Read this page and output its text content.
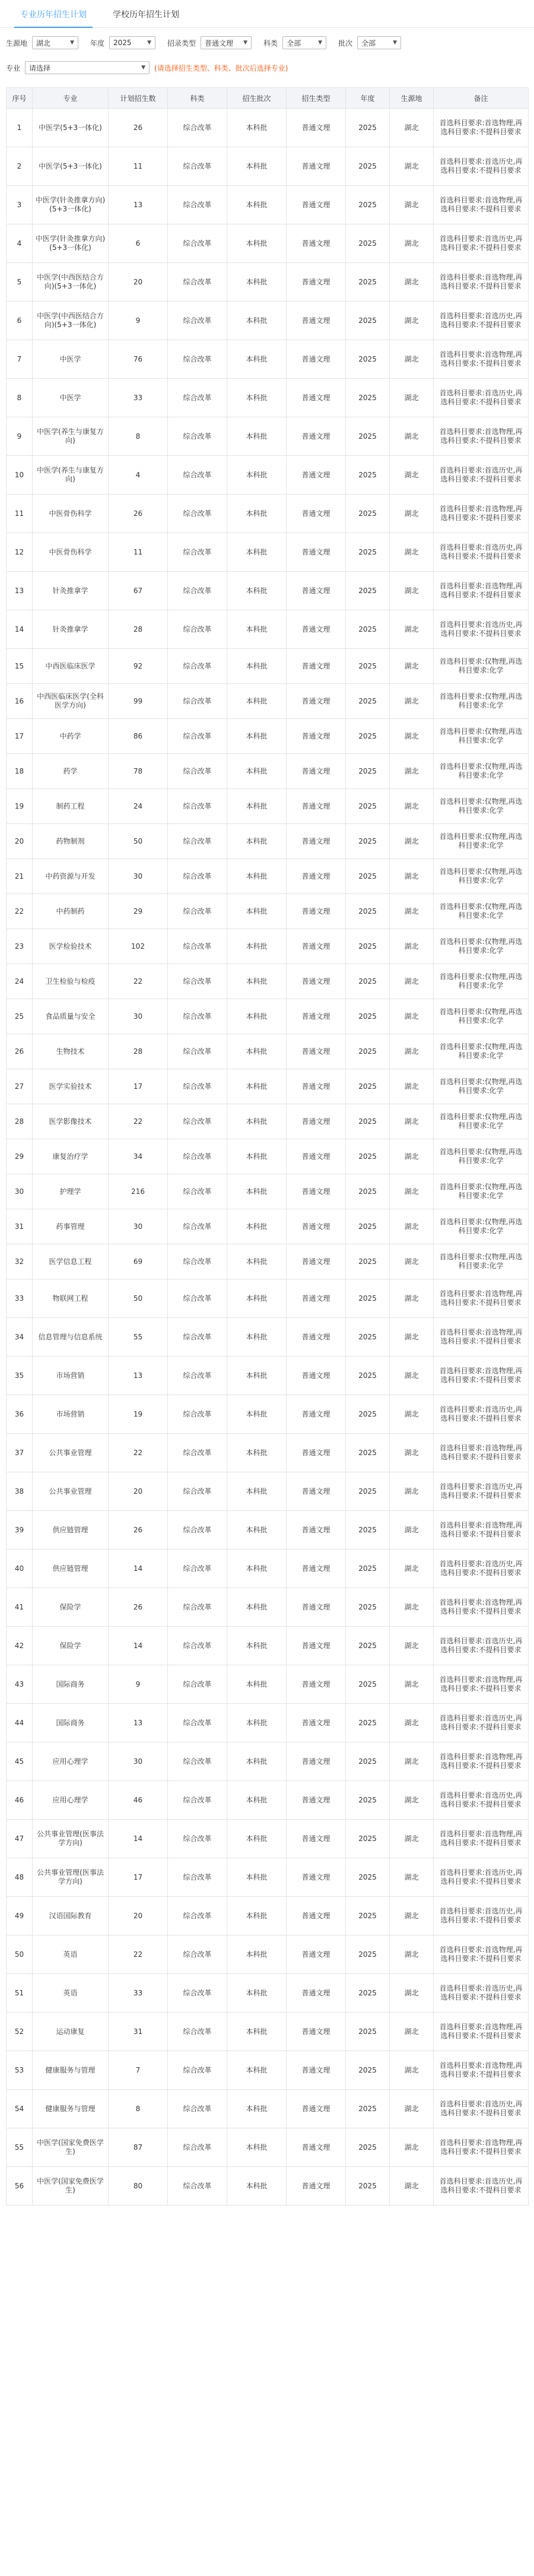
专业历年招生计划	学校历年招生计划
生源地 湖北	▼ 年度 2025	▼ 招录类型 普通文理 ▼ 科类 全部	▼ 批次 全部	▼
专业 请选择	▼ (请选择招生类型、科类、批次后选择专业)
序号	专业	计划招生数	科类	招生批次	招生类型	年度	生源地	备注
1	中医学(5+3一体化)	26	综合改革	本科批	普通文理	2025	湖北	首选科目要求:首选物理,再选科目要求:不提科目要求
2	中医学(5+3一体化)	11	综合改革	本科批	普通文理	2025	湖北	首选科目要求:首选历史,再选科目要求:不提科目要求
3	中医学(针灸推拿方向)(5+3一体化)	13	综合改革	本科批	普通文理	2025	湖北	首选科目要求:首选物理,再选科目要求:不提科目要求
4	中医学(针灸推拿方向)(5+3一体化)	6	综合改革	本科批	普通文理	2025	湖北	首选科目要求:首选历史,再选科目要求:不提科目要求
5	中医学(中西医结合方向)(5+3一体化)	20	综合改革	本科批	普通文理	2025	湖北	首选科目要求:首选物理,再选科目要求:不提科目要求
6	中医学(中西医结合方向)(5+3一体化)	9	综合改革	本科批	普通文理	2025	湖北	首选科目要求:首选历史,再选科目要求:不提科目要求
7	中医学	76	综合改革	本科批	普通文理	2025	湖北	首选科目要求:首选物理,再选科目要求:不提科目要求
8	中医学	33	综合改革	本科批	普通文理	2025	湖北	首选科目要求:首选历史,再选科目要求:不提科目要求
9	中医学(养生与康复方向)	8	综合改革	本科批	普通文理	2025	湖北	首选科目要求:首选物理,再选科目要求:不提科目要求
10	中医学(养生与康复方向)	4	综合改革	本科批	普通文理	2025	湖北	首选科目要求:首选历史,再选科目要求:不提科目要求
11	中医骨伤科学	26	综合改革	本科批	普通文理	2025	湖北	首选科目要求:首选物理,再选科目要求:不提科目要求
12	中医骨伤科学	11	综合改革	本科批	普通文理	2025	湖北	首选科目要求:首选历史,再选科目要求:不提科目要求
13	针灸推拿学	67	综合改革	本科批	普通文理	2025	湖北	首选科目要求:首选物理,再选科目要求:不提科目要求
14	针灸推拿学	28	综合改革	本科批	普通文理	2025	湖北	首选科目要求:首选历史,再选科目要求:不提科目要求
15	中西医临床医学	92	综合改革	本科批	普通文理	2025	湖北	首选科目要求:仅物理,再选科目要求:化学
16	中西医临床医学(全科医学方向)	99	综合改革	本科批	普通文理	2025	湖北	首选科目要求:仅物理,再选科目要求:化学
17	中药学	86	综合改革	本科批	普通文理	2025	湖北	首选科目要求:仅物理,再选科目要求:化学
18	药学	78	综合改革	本科批	普通文理	2025	湖北	首选科目要求:仅物理,再选科目要求:化学
19	制药工程	24	综合改革	本科批	普通文理	2025	湖北	首选科目要求:仅物理,再选科目要求:化学
20	药物制剂	50	综合改革	本科批	普通文理	2025	湖北	首选科目要求:仅物理,再选科目要求:化学
21	中药资源与开发	30	综合改革	本科批	普通文理	2025	湖北	首选科目要求:仅物理,再选科目要求:化学
22	中药制药	29	综合改革	本科批	普通文理	2025	湖北	首选科目要求:仅物理,再选科目要求:化学
23	医学检验技术	102	综合改革	本科批	普通文理	2025	湖北	首选科目要求:仅物理,再选科目要求:化学
24	卫生检验与检疫	22	综合改革	本科批	普通文理	2025	湖北	首选科目要求:仅物理,再选科目要求:化学
25	食品质量与安全	30	综合改革	本科批	普通文理	2025	湖北	首选科目要求:仅物理,再选科目要求:化学
26	生物技术	28	综合改革	本科批	普通文理	2025	湖北	首选科目要求:仅物理,再选科目要求:化学
27	医学实验技术	17	综合改革	本科批	普通文理	2025	湖北	首选科目要求:仅物理,再选科目要求:化学
28	医学影像技术	22	综合改革	本科批	普通文理	2025	湖北	首选科目要求:仅物理,再选科目要求:化学
29	康复治疗学	34	综合改革	本科批	普通文理	2025	湖北	首选科目要求:仅物理,再选科目要求:化学
30	护理学	216	综合改革	本科批	普通文理	2025	湖北	首选科目要求:仅物理,再选科目要求:化学
31	药事管理	30	综合改革	本科批	普通文理	2025	湖北	首选科目要求:仅物理,再选科目要求:化学
32	医学信息工程	69	综合改革	本科批	普通文理	2025	湖北	首选科目要求:仅物理,再选科目要求:化学
33	物联网工程	50	综合改革	本科批	普通文理	2025	湖北	首选科目要求:首选物理,再选科目要求:不提科目要求
34	信息管理与信息系统	55	综合改革	本科批	普通文理	2025	湖北	首选科目要求:首选物理,再选科目要求:不提科目要求
35	市场营销	13	综合改革	本科批	普通文理	2025	湖北	首选科目要求:首选物理,再选科目要求:不提科目要求
36	市场营销	19	综合改革	本科批	普通文理	2025	湖北	首选科目要求:首选历史,再选科目要求:不提科目要求
37	公共事业管理	22	综合改革	本科批	普通文理	2025	湖北	首选科目要求:首选物理,再选科目要求:不提科目要求
38	公共事业管理	20	综合改革	本科批	普通文理	2025	湖北	首选科目要求:首选历史,再选科目要求:不提科目要求
39	供应链管理	26	综合改革	本科批	普通文理	2025	湖北	首选科目要求:首选物理,再选科目要求:不提科目要求
40	供应链管理	14	综合改革	本科批	普通文理	2025	湖北	首选科目要求:首选历史,再选科目要求:不提科目要求
41	保险学	26	综合改革	本科批	普通文理	2025	湖北	首选科目要求:首选物理,再选科目要求:不提科目要求
42	保险学	14	综合改革	本科批	普通文理	2025	湖北	首选科目要求:首选历史,再选科目要求:不提科目要求
43	国际商务	9	综合改革	本科批	普通文理	2025	湖北	首选科目要求:首选物理,再选科目要求:不提科目要求
44	国际商务	13	综合改革	本科批	普通文理	2025	湖北	首选科目要求:首选历史,再选科目要求:不提科目要求
45	应用心理学	30	综合改革	本科批	普通文理	2025	湖北	首选科目要求:首选物理,再选科目要求:不提科目要求
46	应用心理学	46	综合改革	本科批	普通文理	2025	湖北	首选科目要求:首选历史,再选科目要求:不提科目要求
47	公共事业管理(医事法学方向)	14	综合改革	本科批	普通文理	2025	湖北	首选科目要求:首选物理,再选科目要求:不提科目要求
48	公共事业管理(医事法学方向)	17	综合改革	本科批	普通文理	2025	湖北	首选科目要求:首选历史,再选科目要求:不提科目要求
49	汉语国际教育	20	综合改革	本科批	普通文理	2025	湖北	首选科目要求:首选历史,再选科目要求:不提科目要求
50	英语	22	综合改革	本科批	普通文理	2025	湖北	首选科目要求:首选物理,再选科目要求:不提科目要求
51	英语	33	综合改革	本科批	普通文理	2025	湖北	首选科目要求:首选历史,再选科目要求:不提科目要求
52	运动康复	31	综合改革	本科批	普通文理	2025	湖北	首选科目要求:首选物理,再选科目要求:不提科目要求
53	健康服务与管理	7	综合改革	本科批	普通文理	2025	湖北	首选科目要求:首选物理,再选科目要求:不提科目要求
54	健康服务与管理	8	综合改革	本科批	普通文理	2025	湖北	首选科目要求:首选历史,再选科目要求:不提科目要求
55	中医学(国家免费医学生)	87	综合改革	本科批	普通文理	2025	湖北	首选科目要求:首选物理,再选科目要求:不提科目要求
56	中医学(国家免费医学生)	80	综合改革	本科批	普通文理	2025	湖北	首选科目要求:首选历史,再选科目要求:不提科目要求
